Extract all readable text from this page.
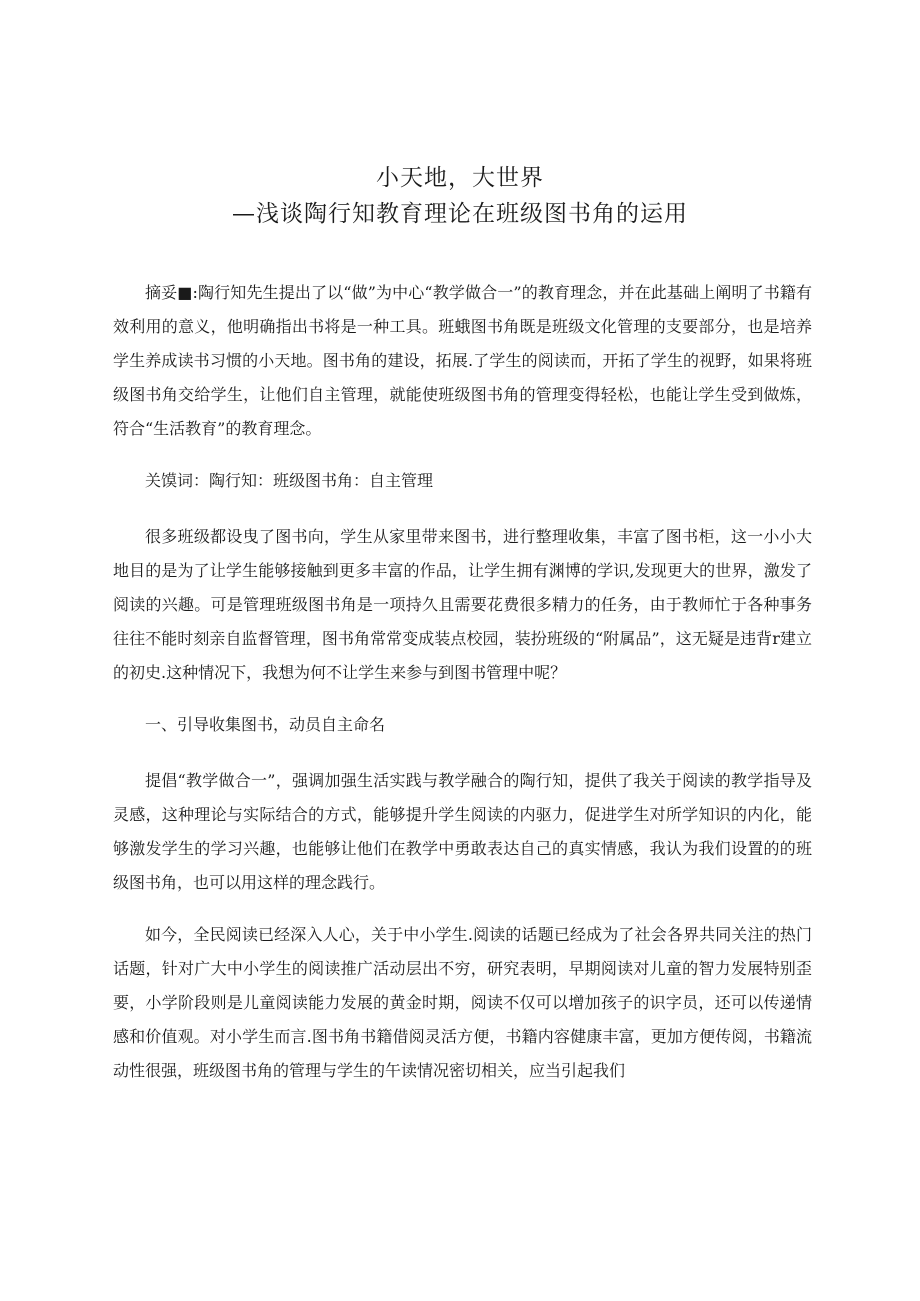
小天地，大世界
—浅谈陶行知教育理论在班级图书角的运用

摘妥■:陶行知先生提出了以“做”为中心“教学做合一”的教育理念，并在此基础上阐明了书籍有效利用的意义，他明确指出书将是一种工具。班蛾图书角既是班级文化管理的支要部分，也是培养学生养成读书习惯的小天地。图书角的建设，拓展.了学生的阅读而，开拓了学生的视野，如果将班级图书角交给学生，让他们自主管理，就能使班级图书角的管理变得轻松，也能让学生受到做炼，符合“生活教育”的教育理念。

关馍词：陶行知：班级图书角：自主管理

很多班级都设曳了图书向，学生从家里带来图书，进行整理收集，丰富了图书柜，这一小小大地目的是为了让学生能够接触到更多丰富的作品，让学生拥有渊博的学识,发现更大的世界，激发了阅读的兴趣。可是管理班级图书角是一项持久且需要花费很多精力的任务，由于教师忙于各种事务往往不能时刻亲自监督管理，图书角常常变成装点校园，装扮班级的“附属品”，这无疑是违背r建立的初史.这种情况下，我想为何不让学生来参与到图书管理中呢？

一、引导收集图书，动员自主命名

提倡“教学做合一”，强调加强生活实践与教学融合的陶行知，提供了我关于阅读的教学指导及灵感，这种理论与实际结合的方式，能够提升学生阅读的内驱力，促进学生对所学知识的内化，能够激发学生的学习兴趣，也能够让他们在教学中勇敢表达自己的真实情感，我认为我们设置的的班级图书角，也可以用这样的理念践行。

如今，全民阅读已经深入人心，关于中小学生.阅读的话题已经成为了社会各界共同关注的热门话题，针对广大中小学生的阅读推广活动层出不穷，研究表明，早期阅读对儿童的智力发展特别歪要，小学阶段则是儿童阅读能力发展的黄金时期，阅读不仅可以增加孩子的识字员，还可以传递情感和价值观。对小学生而言.图书角书籍借阅灵活方便，书籍内容健康丰富，更加方便传阅，书籍流动性很强，班级图书角的管理与学生的午读情况密切相关，应当引起我们
